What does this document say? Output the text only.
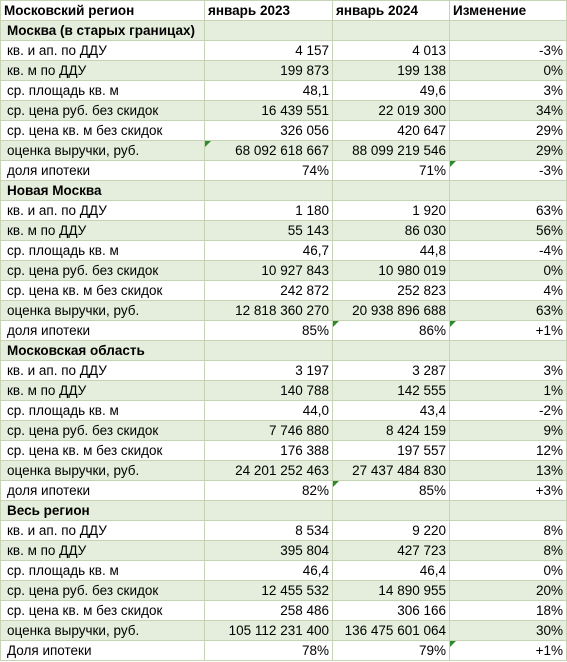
Московский регион	январь 2023	январь 2024	Изменение
Москва (в старых границах)			
кв. и ап. по ДДУ	4 157	4 013	-3%
кв. м по ДДУ	199 873	199 138	0%
ср. площадь кв. м	48,1	49,6	3%
ср. цена руб. без скидок	16 439 551	22 019 300	34%
ср. цена кв. м без скидок	326 056	420 647	29%
оценка выручки, руб.	68 092 618 667	88 099 219 546	29%
доля ипотеки	74%	71%	-3%
Новая Москва			
кв. и ап. по ДДУ	1 180	1 920	63%
кв. м по ДДУ	55 143	86 030	56%
ср. площадь кв. м	46,7	44,8	-4%
ср. цена руб. без скидок	10 927 843	10 980 019	0%
ср. цена кв. м без скидок	242 872	252 823	4%
оценка выручки, руб.	12 818 360 270	20 938 896 688	63%
доля ипотеки	85%	86%	+1%
Московская область			
кв. и ап. по ДДУ	3 197	3 287	3%
кв. м по ДДУ	140 788	142 555	1%
ср. площадь кв. м	44,0	43,4	-2%
ср. цена руб. без скидок	7 746 880	8 424 159	9%
ср. цена кв. м без скидок	176 388	197 557	12%
оценка выручки, руб.	24 201 252 463	27 437 484 830	13%
доля ипотеки	82%	85%	+3%
Весь регион			
кв. и ап. по ДДУ	8 534	9 220	8%
кв. м по ДДУ	395 804	427 723	8%
ср. площадь кв. м	46,4	46,4	0%
ср. цена руб. без скидок	12 455 532	14 890 955	20%
ср. цена кв. м без скидок	258 486	306 166	18%
оценка выручки, руб.	105 112 231 400	136 475 601 064	30%
Доля ипотеки	78%	79%	+1%
